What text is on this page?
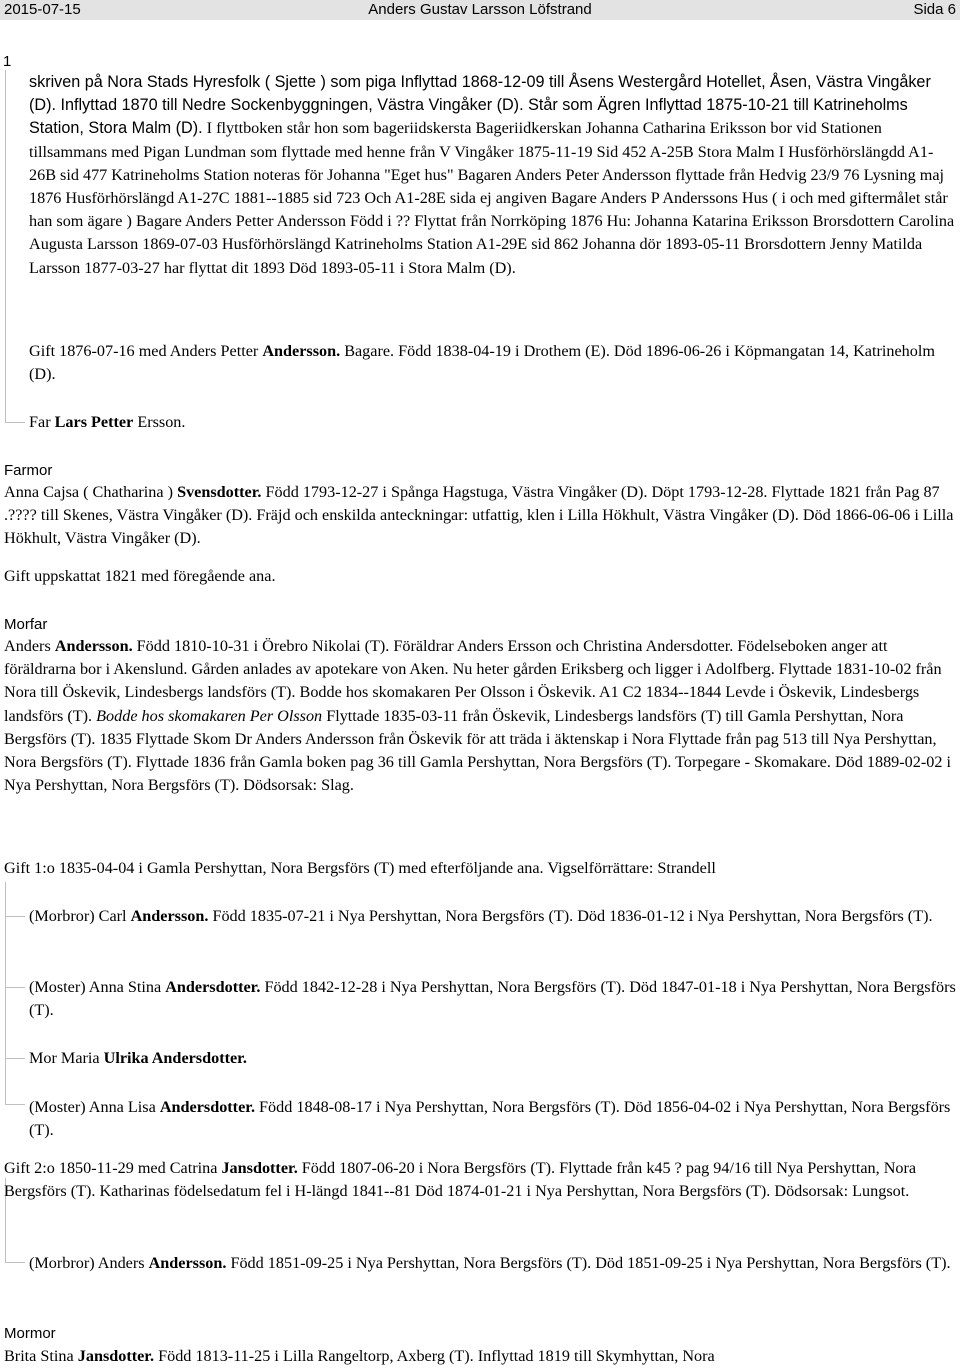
2015-07-15	Anders Gustav Larsson Löfstrand	Sida 6
1

skriven på Nora Stads Hyresfolk ( Sjette ) som piga Inflyttad 1868-12-09 till Åsens Westergård Hotellet, Åsen, Västra Vingåker (D). Inflyttad 1870 till Nedre Sockenbyggningen, Västra Vingåker (D). Står som Ägren Inflyttad 1875-10-21 till Katrineholms Station, Stora Malm (D). I flyttboken står hon som bageriidskersta Bageriidkerskan Johanna Catharina Eriksson bor vid Stationen tillsammans med Pigan Lundman som flyttade med henne från V Vingåker 1875-11-19 Sid 452 A-25B Stora Malm I Husförhörslängdd A1-26B sid 477 Katrineholms Station noteras för Johanna "Eget hus" Bagaren Anders Peter Andersson flyttade från Hedvig 23/9 76 Lysning maj 1876 Husförhörslängd A1-27C 1881--1885 sid 723 Och A1-28E sida ej angiven Bagare Anders P Anderssons Hus ( i och med giftermålet står han som ägare ) Bagare Anders Petter Andersson Född i ?? Flyttat från Norrköping 1876 Hu: Johanna Katarina Eriksson Brorsdottern Carolina Augusta Larsson 1869-07-03 Husförhörslängd Katrineholms Station A1-29E sid 862 Johanna dör 1893-05-11 Brorsdottern Jenny Matilda Larsson 1877-03-27 har flyttat dit 1893 Död 1893-05-11 i Stora Malm (D).

Gift 1876-07-16 med Anders Petter Andersson. Bagare. Född 1838-04-19 i Drothem (E). Död 1896-06-26 i Köpmangatan 14, Katrineholm (D).

Far Lars Petter Ersson.

Farmor

Anna Cajsa ( Chatharina ) Svensdotter. Född 1793-12-27 i Spånga Hagstuga, Västra Vingåker (D). Döpt 1793-12-28. Flyttade 1821 från Pag 87 .???? till Skenes, Västra Vingåker (D). Fräjd och enskilda anteckningar: utfattig, klen i Lilla Hökhult, Västra Vingåker (D). Död 1866-06-06 i Lilla Hökhult, Västra Vingåker (D).

Gift uppskattat 1821 med föregående ana.

Morfar

Anders Andersson. Född 1810-10-31 i Örebro Nikolai (T). Föräldrar Anders Ersson och Christina Andersdotter. Födelseboken anger att föräldrarna bor i Akenslund. Gården anlades av apotekare von Aken. Nu heter gården Eriksberg och ligger i Adolfberg. Flyttade 1831-10-02 från Nora till Öskevik, Lindesbergs landsförs (T). Bodde hos skomakaren Per Olsson i Öskevik. A1 C2 1834--1844 Levde i Öskevik, Lindesbergs landsförs (T). Bodde hos skomakaren Per Olsson Flyttade 1835-03-11 från Öskevik, Lindesbergs landsförs (T) till Gamla Pershyttan, Nora Bergsförs (T). 1835 Flyttade Skom Dr Anders Andersson från Öskevik för att träda i äktenskap i Nora Flyttade från pag 513 till Nya Pershyttan, Nora Bergsförs (T). Flyttade 1836 från Gamla boken pag 36 till Gamla Pershyttan, Nora Bergsförs (T). Torpegare - Skomakare. Död 1889-02-02 i Nya Pershyttan, Nora Bergsförs (T). Dödsorsak: Slag.

Gift 1:o 1835-04-04 i Gamla Pershyttan, Nora Bergsförs (T) med efterföljande ana. Vigselförrättare: Strandell

(Morbror) Carl Andersson. Född 1835-07-21 i Nya Pershyttan, Nora Bergsförs (T). Död 1836-01-12 i Nya Pershyttan, Nora Bergsförs (T).

(Moster) Anna Stina Andersdotter. Född 1842-12-28 i Nya Pershyttan, Nora Bergsförs (T). Död 1847-01-18 i Nya Pershyttan, Nora Bergsförs (T).

Mor Maria Ulrika Andersdotter.

(Moster) Anna Lisa Andersdotter. Född 1848-08-17 i Nya Pershyttan, Nora Bergsförs (T). Död 1856-04-02 i Nya Pershyttan, Nora Bergsförs (T).

Gift 2:o 1850-11-29 med Catrina Jansdotter. Född 1807-06-20 i Nora Bergsförs (T). Flyttade från k45 ? pag 94/16 till Nya Pershyttan, Nora Bergsförs (T). Katharinas födelsedatum fel i H-längd 1841--81 Död 1874-01-21 i Nya Pershyttan, Nora Bergsförs (T). Dödsorsak: Lungsot.

(Morbror) Anders Andersson. Född 1851-09-25 i Nya Pershyttan, Nora Bergsförs (T). Död 1851-09-25 i Nya Pershyttan, Nora Bergsförs (T).

Mormor

Brita Stina Jansdotter. Född 1813-11-25 i Lilla Rangeltorp, Axberg (T). Inflyttad 1819 till Skymhyttan, Nora
